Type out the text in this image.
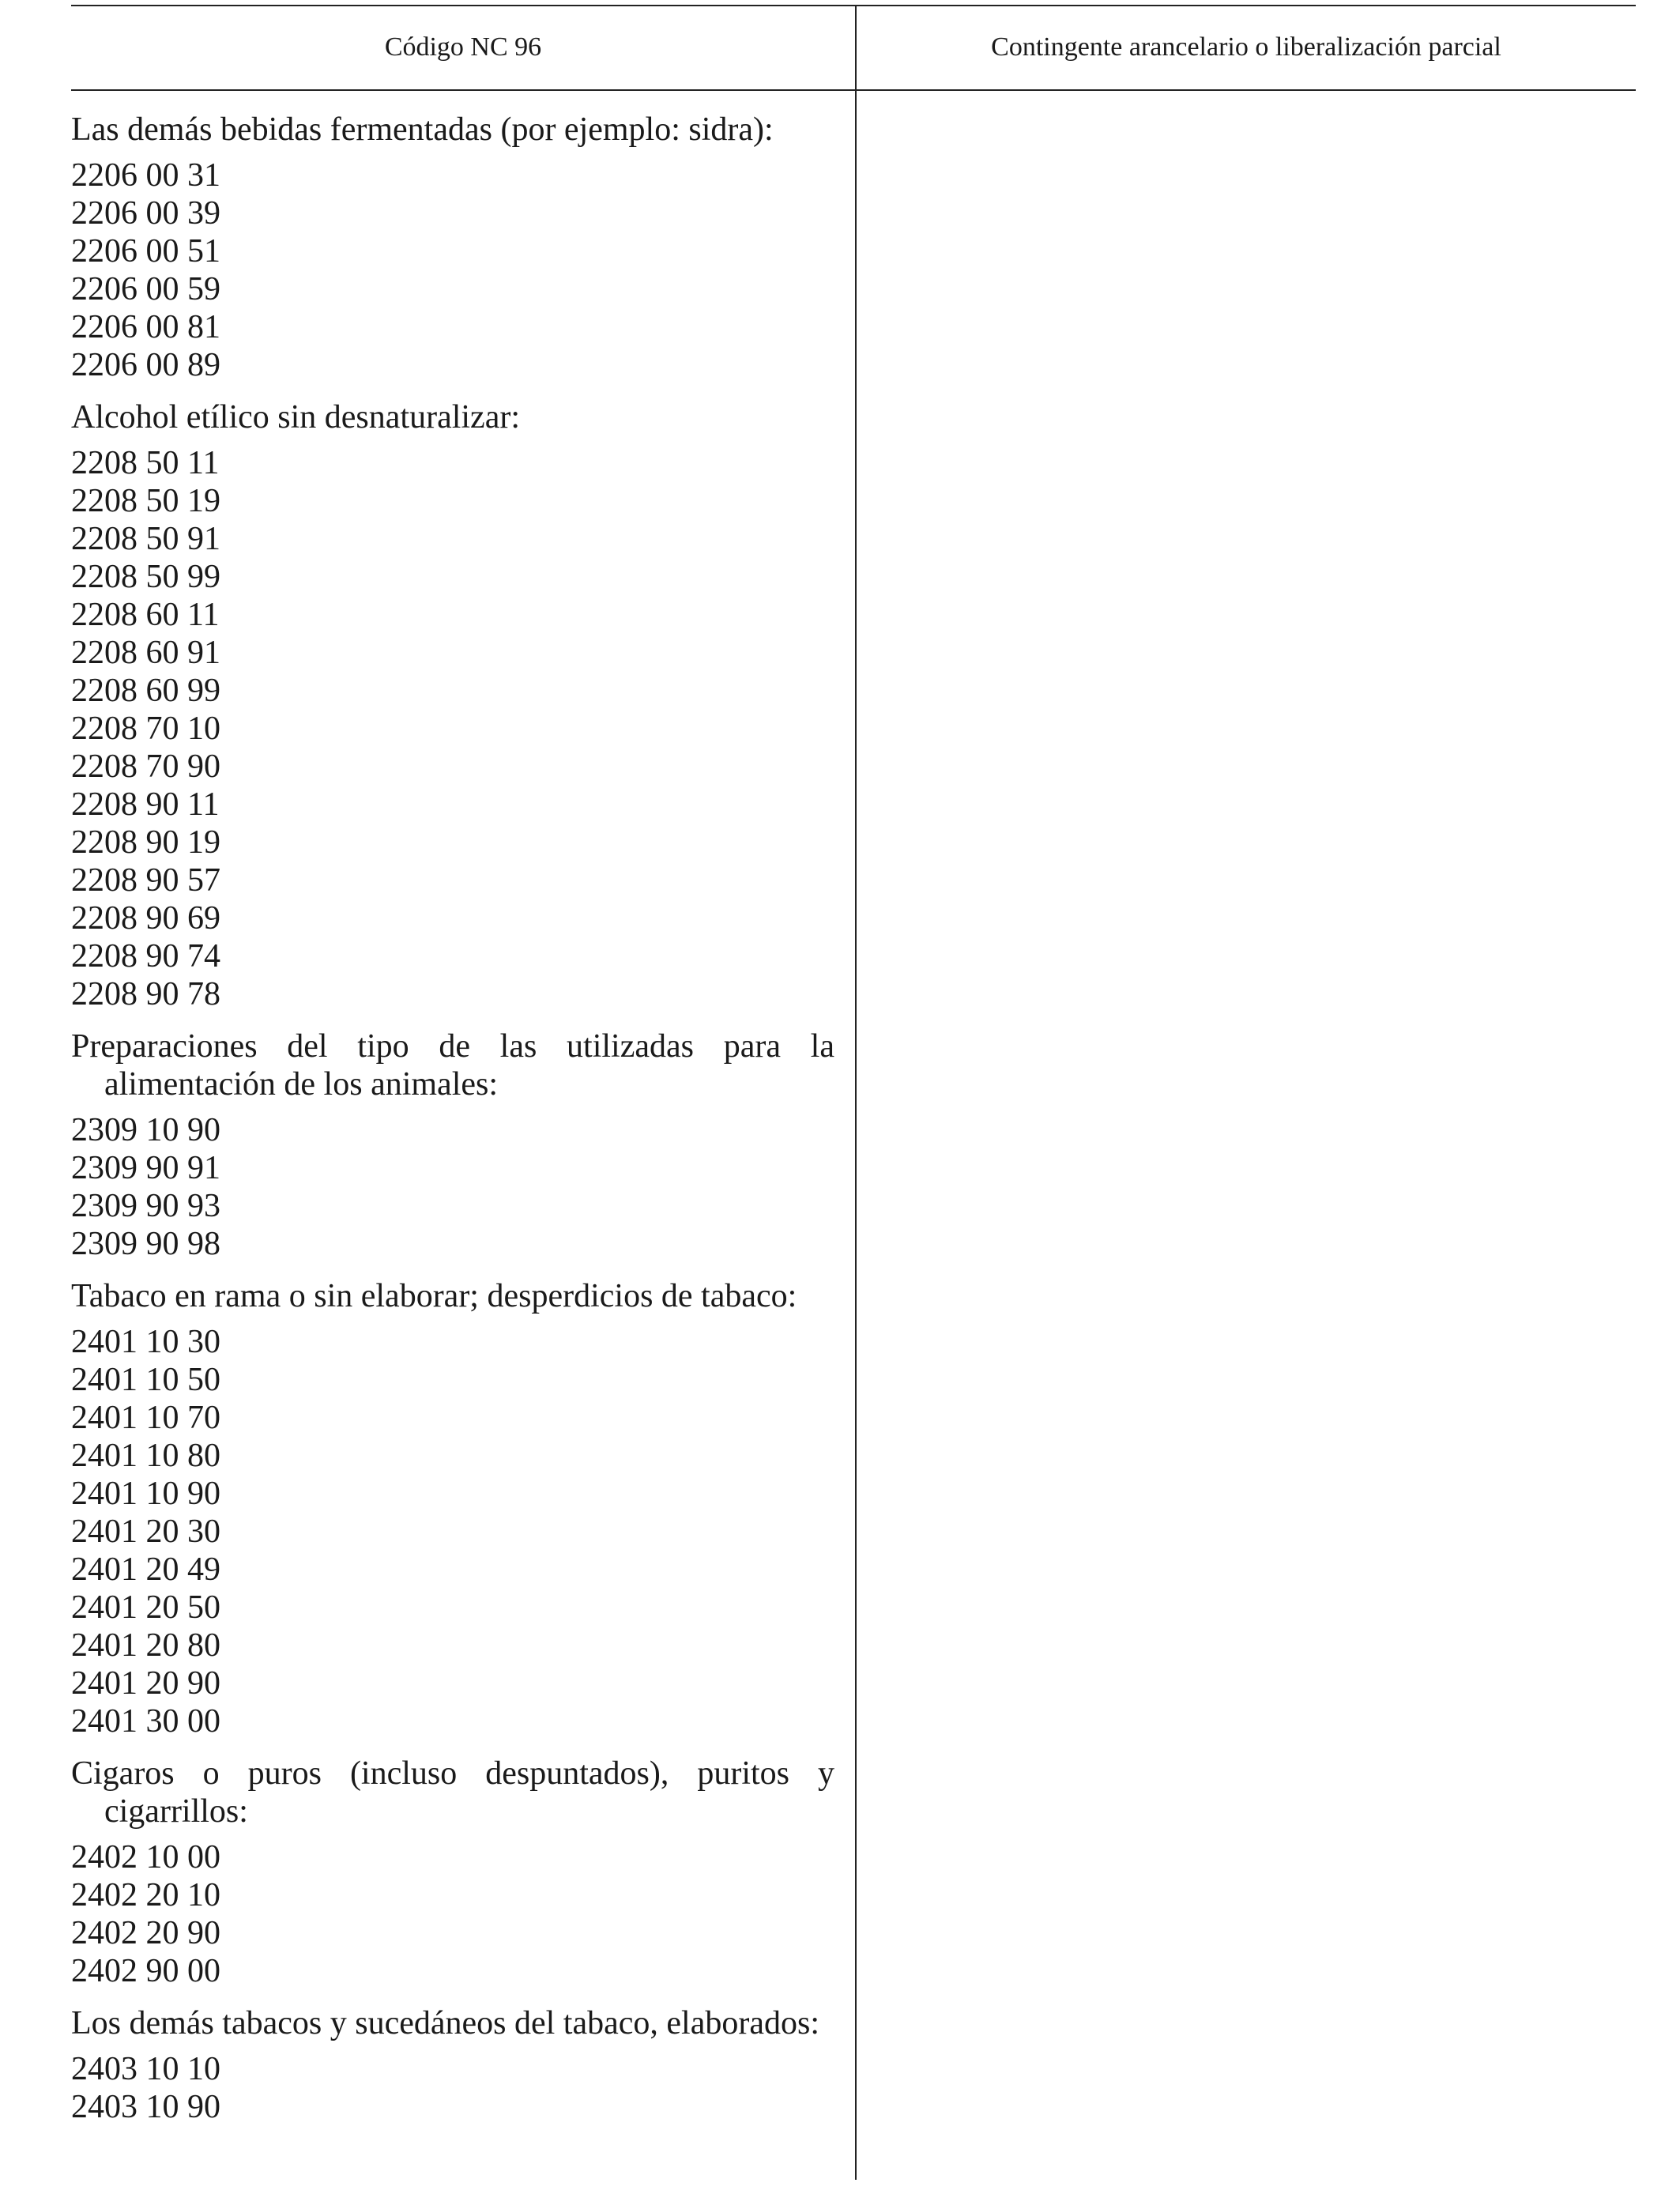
Código NC 96	Contingente arancelario o liberalización parcial
Las demás bebidas fermentadas (por ejemplo: sidra):
2206 00 31
2206 00 39
2206 00 51
2206 00 59
2206 00 81
2206 00 89
Alcohol etílico sin desnaturalizar:
2208 50 11
2208 50 19
2208 50 91
2208 50 99
2208 60 11
2208 60 91
2208 60 99
2208 70 10
2208 70 90
2208 90 11
2208 90 19
2208 90 57
2208 90 69
2208 90 74
2208 90 78
Preparaciones del tipo de las utilizadas para la alimentación de los animales:
2309 10 90
2309 90 91
2309 90 93
2309 90 98
Tabaco en rama o sin elaborar; desperdicios de tabaco:
2401 10 30
2401 10 50
2401 10 70
2401 10 80
2401 10 90
2401 20 30
2401 20 49
2401 20 50
2401 20 80
2401 20 90
2401 30 00
Cigaros o puros (incluso despuntados), puritos y cigarrillos:
2402 10 00
2402 20 10
2402 20 90
2402 90 00
Los demás tabacos y sucedáneos del tabaco, elaborados:
2403 10 10
2403 10 90
